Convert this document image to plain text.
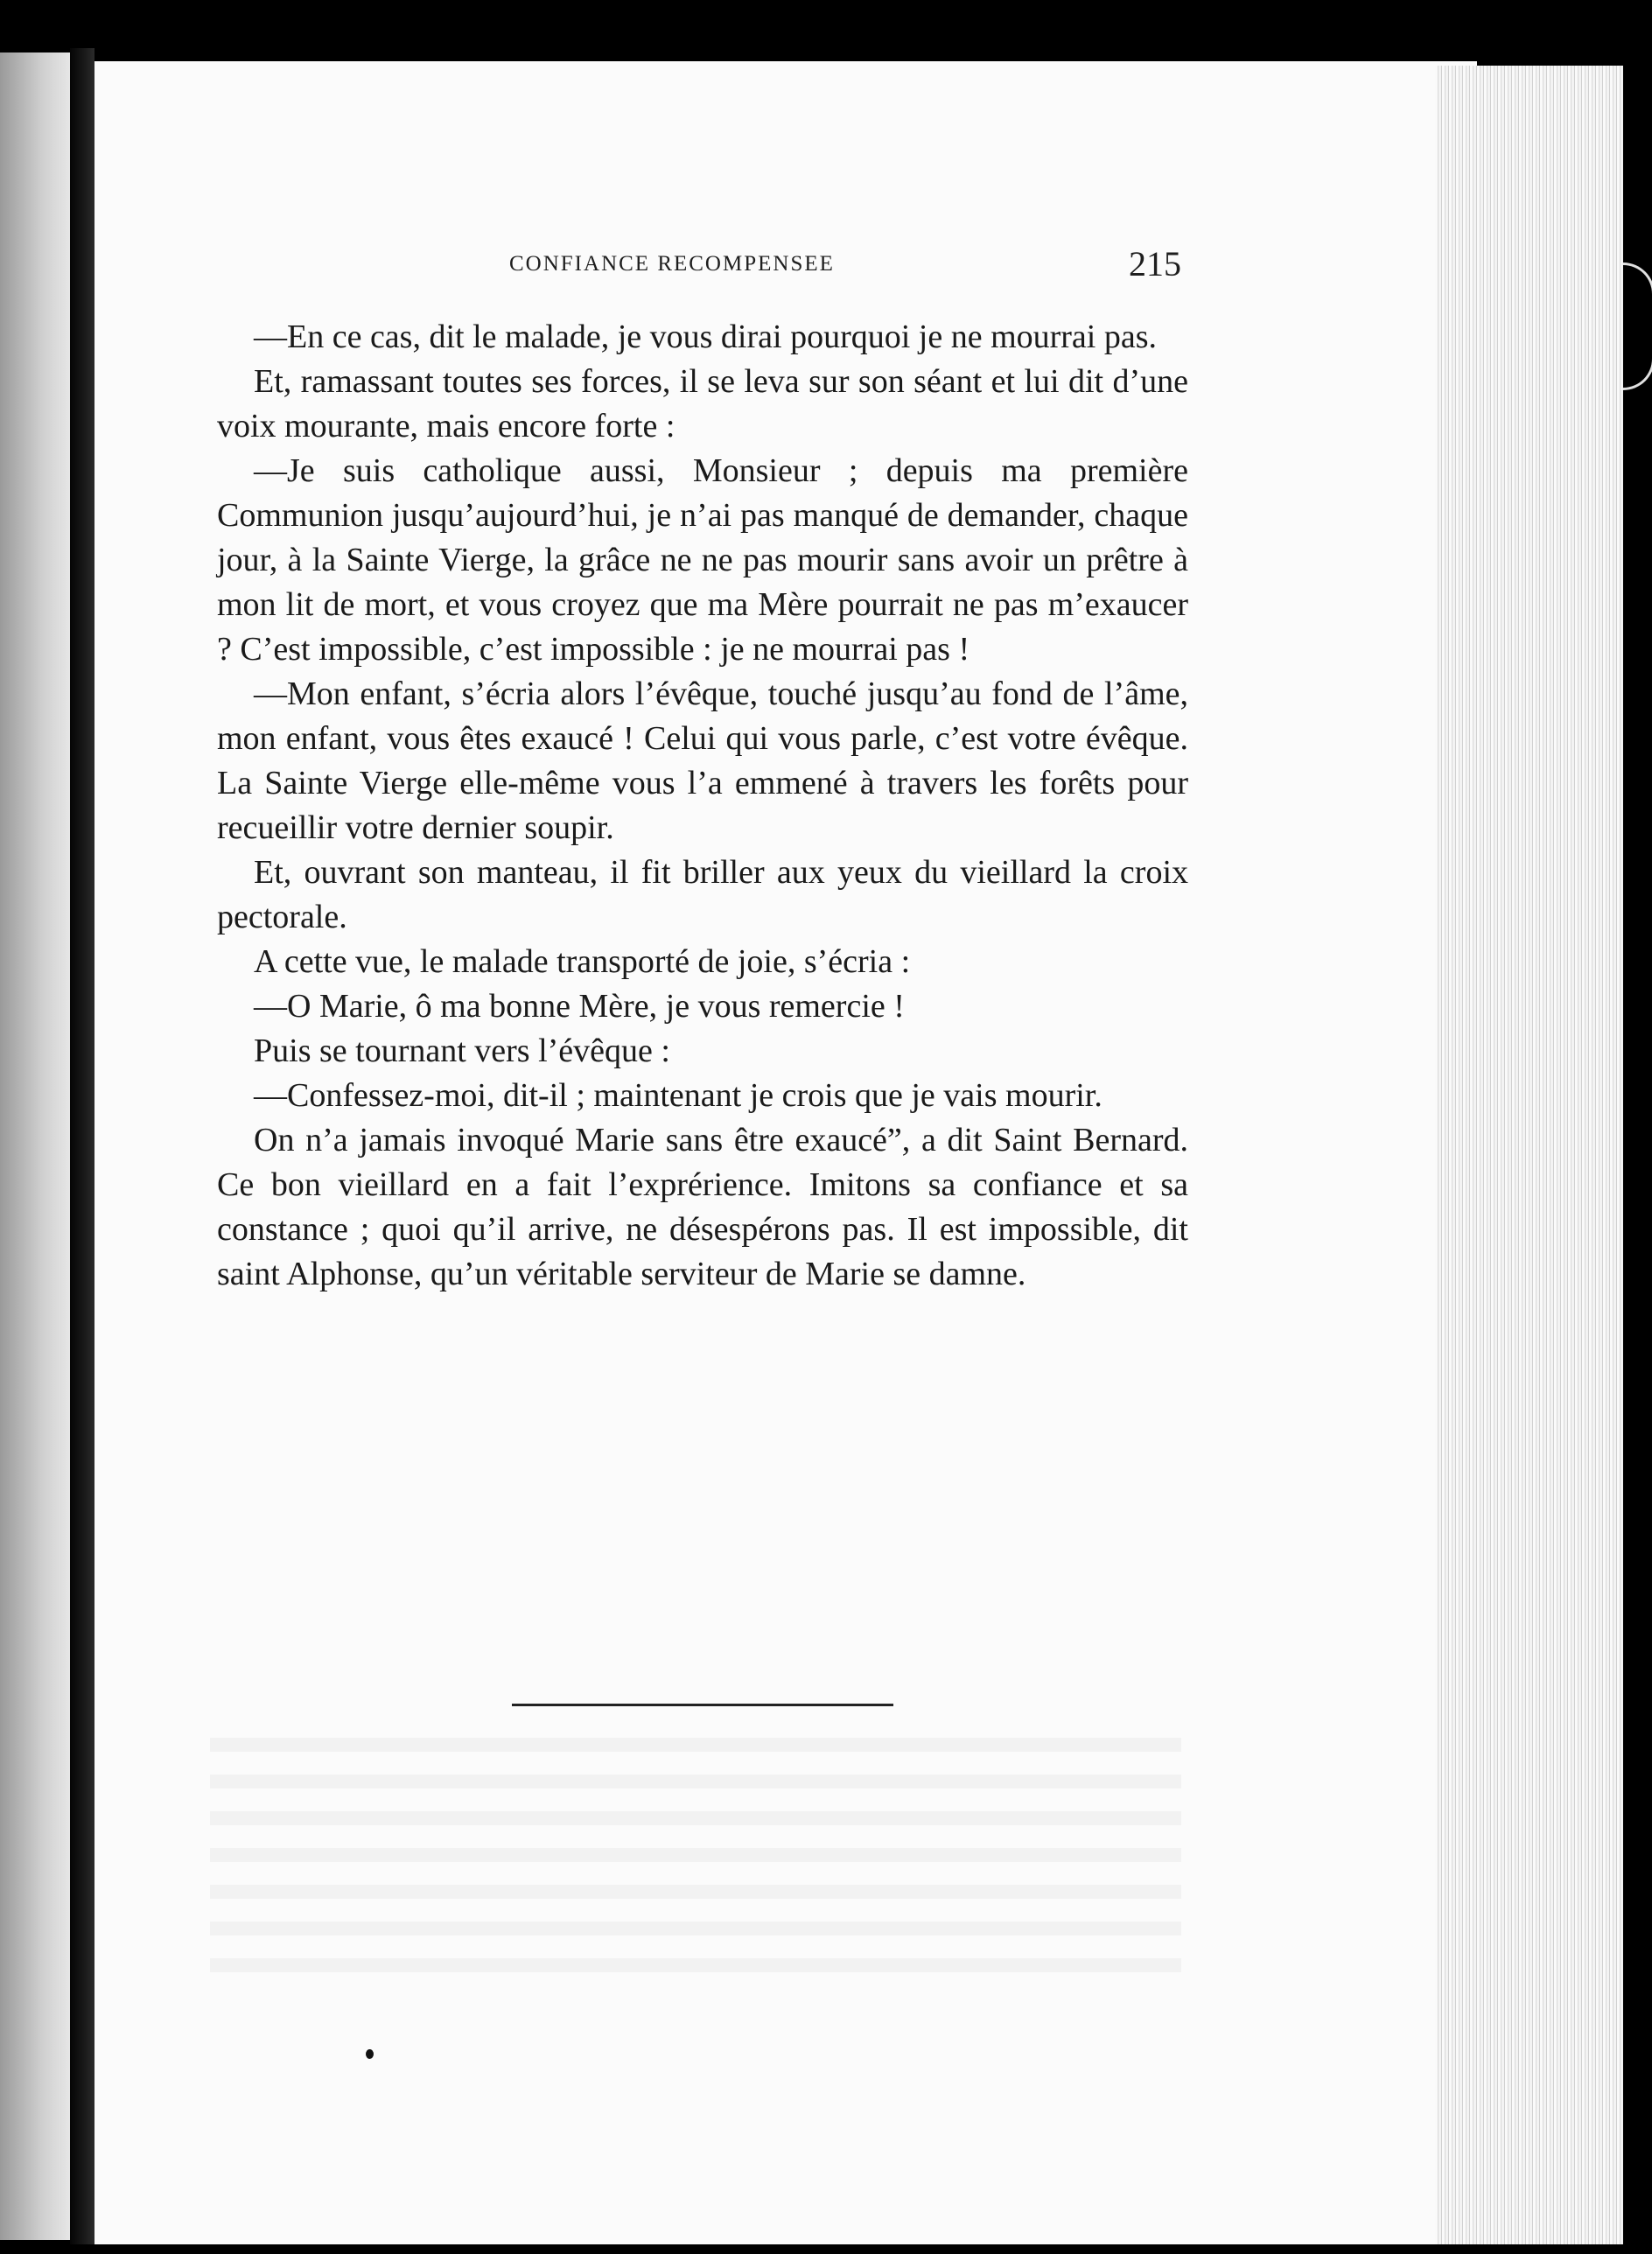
CONFIANCE RECOMPENSEE	215

—En ce cas, dit le malade, je vous dirai pourquoi je ne mourrai pas.

Et, ramassant toutes ses forces, il se leva sur son séant et lui dit d’une voix mourante, mais encore forte :

—Je suis catholique aussi, Monsieur ; depuis ma première Communion jusqu’aujourd’hui, je n’ai pas manqué de demander, chaque jour, à la Sainte Vierge, la grâce ne ne pas mourir sans avoir un prêtre à mon lit de mort, et vous croyez que ma Mère pourrait ne pas m’exaucer ? C’est impossible, c’est impossible : je ne mourrai pas !

—Mon enfant, s’écria alors l’évêque, touché jusqu’au fond de l’âme, mon enfant, vous êtes exaucé ! Celui qui vous parle, c’est votre évêque. La Sainte Vierge elle-même vous l’a emmené à travers les forêts pour recueillir votre dernier soupir.

Et, ouvrant son manteau, il fit briller aux yeux du vieillard la croix pectorale.

A cette vue, le malade transporté de joie, s’écria :

—O Marie, ô ma bonne Mère, je vous remercie !

Puis se tournant vers l’évêque :

—Confessez-moi, dit-il ; maintenant je crois que je vais mourir.

On n’a jamais invoqué Marie sans être exaucé”, a dit Saint Bernard. Ce bon vieillard en a fait l’exprérience. Imitons sa confiance et sa constance ; quoi qu’il arrive, ne désespérons pas. Il est impossible, dit saint Alphonse, qu’un véritable serviteur de Marie se damne.
